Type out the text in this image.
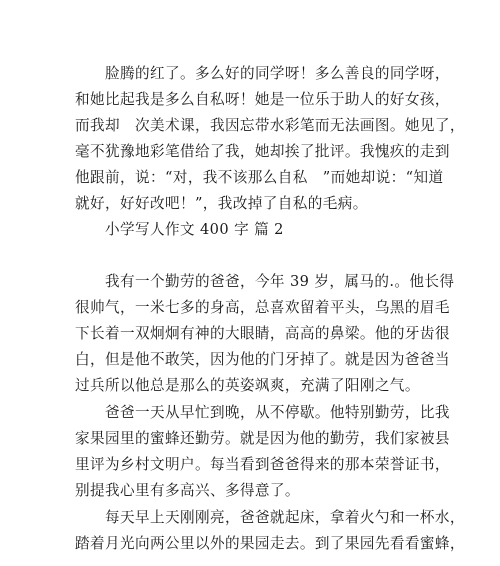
脸腾的红了。多么好的同学呀！多么善良的同学呀，
和她比起我是多么自私呀！她是一位乐于助人的好女孩，
而我却　次美术课，我因忘带水彩笔而无法画图。她见了，
毫不犹豫地彩笔借给了我，她却挨了批评。我愧疚的走到
他跟前，说：“对，我不该那么自私　”而她却说：“知道
就好，好好改吧！”，我改掉了自私的毛病。
小学写人作文 400 字 篇 2
我有一个勤劳的爸爸，今年 39 岁，属马的.。他长得
很帅气，一米七多的身高，总喜欢留着平头，乌黑的眉毛
下长着一双炯炯有神的大眼睛，高高的鼻梁。他的牙齿很
白，但是他不敢笑，因为他的门牙掉了。就是因为爸爸当
过兵所以他总是那么的英姿飒爽，充满了阳刚之气。
爸爸一天从早忙到晚，从不停歇。他特别勤劳，比我
家果园里的蜜蜂还勤劳。就是因为他的勤劳，我们家被县
里评为乡村文明户。每当看到爸爸得来的那本荣誉证书，
别提我心里有多高兴、多得意了。
每天早上天刚刚亮，爸爸就起床，拿着火勺和一杯水，
踏着月光向两公里以外的果园走去。到了果园先看看蜜蜂，
